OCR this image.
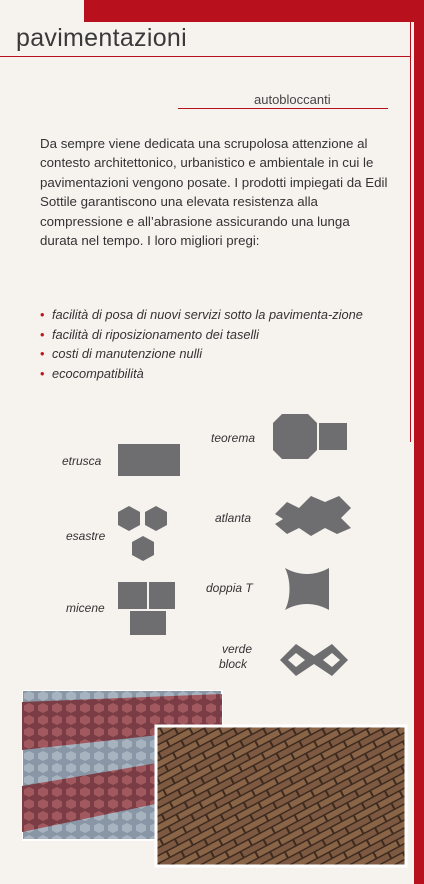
pavimentazioni
autobloccanti

Da sempre viene dedicata una scrupolosa attenzione al contesto architettonico, urbanistico e ambientale in cui le pavimentazioni vengono posate. I prodotti impiegati da Edil Sottile garantiscono una elevata resistenza alla compressione e all’abrasione assicurando una lunga durata nel tempo. I loro migliori pregi:

• facilità di posa di nuovi servizi sotto la pavimenta-zione
• facilità di riposizionamento dei taselli
• costi di manutenzione nulli
• ecocompatibilità
etrusca
esastre
micene
teorema
atlanta
doppia T
verde
block
